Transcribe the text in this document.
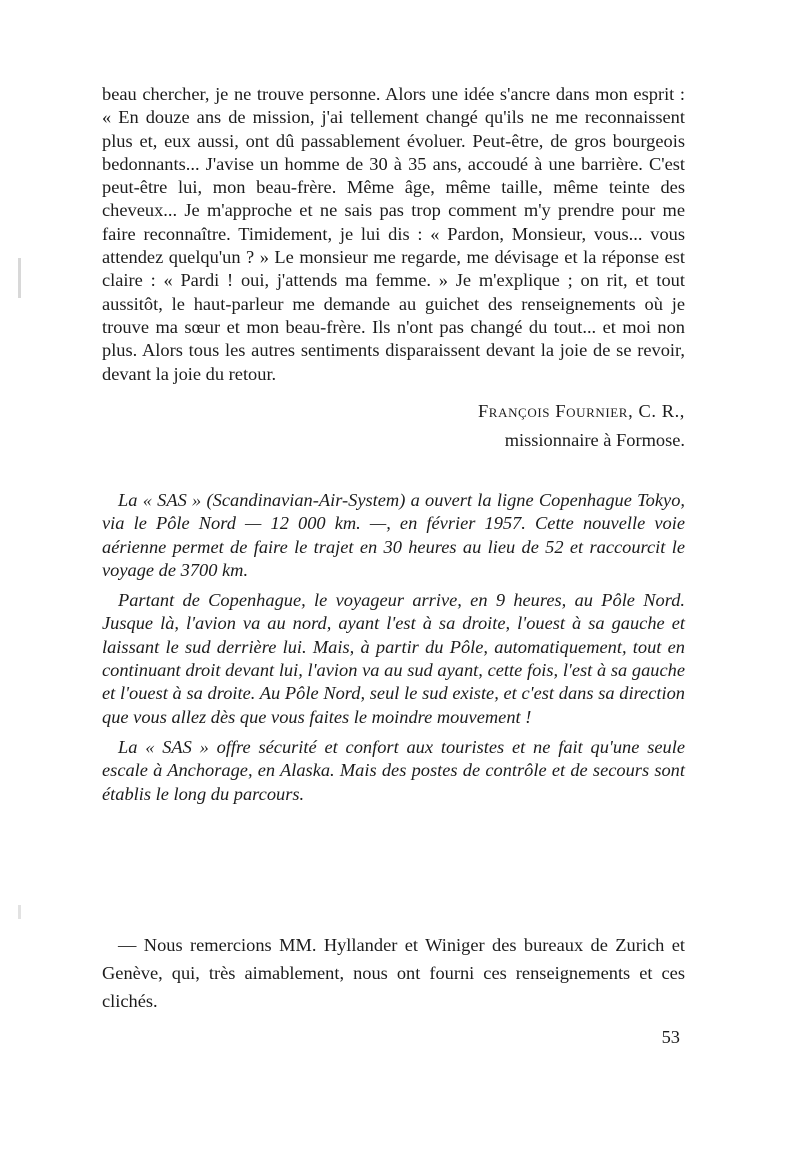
beau chercher, je ne trouve personne. Alors une idée s'ancre dans mon esprit : « En douze ans de mission, j'ai tellement changé qu'ils ne me reconnaissent plus et, eux aussi, ont dû passablement évoluer. Peut-être, de gros bourgeois bedonnants... J'avise un homme de 30 à 35 ans, accoudé à une barrière. C'est peut-être lui, mon beau-frère. Même âge, même taille, même teinte des cheveux... Je m'approche et ne sais pas trop comment m'y prendre pour me faire reconnaître. Timidement, je lui dis : « Pardon, Monsieur, vous... vous attendez quelqu'un ? » Le monsieur me regarde, me dévisage et la réponse est claire : « Pardi ! oui, j'attends ma femme. » Je m'explique ; on rit, et tout aussitôt, le haut-parleur me demande au guichet des renseignements où je trouve ma sœur et mon beau-frère. Ils n'ont pas changé du tout... et moi non plus. Alors tous les autres sentiments disparaissent devant la joie de se revoir, devant la joie du retour.

François Fournier, C. R.,
missionnaire à Formose.

La « SAS » (Scandinavian-Air-System) a ouvert la ligne Copenhague Tokyo, via le Pôle Nord — 12 000 km. —, en février 1957. Cette nouvelle voie aérienne permet de faire le trajet en 30 heures au lieu de 52 et raccourcit le voyage de 3700 km.

Partant de Copenhague, le voyageur arrive, en 9 heures, au Pôle Nord. Jusque là, l'avion va au nord, ayant l'est à sa droite, l'ouest à sa gauche et laissant le sud derrière lui. Mais, à partir du Pôle, automatiquement, tout en continuant droit devant lui, l'avion va au sud ayant, cette fois, l'est à sa gauche et l'ouest à sa droite. Au Pôle Nord, seul le sud existe, et c'est dans sa direction que vous allez dès que vous faites le moindre mouvement !

La « SAS » offre sécurité et confort aux touristes et ne fait qu'une seule escale à Anchorage, en Alaska. Mais des postes de contrôle et de secours sont établis le long du parcours.

— Nous remercions MM. Hyllander et Winiger des bureaux de Zurich et Genève, qui, très aimablement, nous ont fourni ces renseignements et ces clichés.

53
